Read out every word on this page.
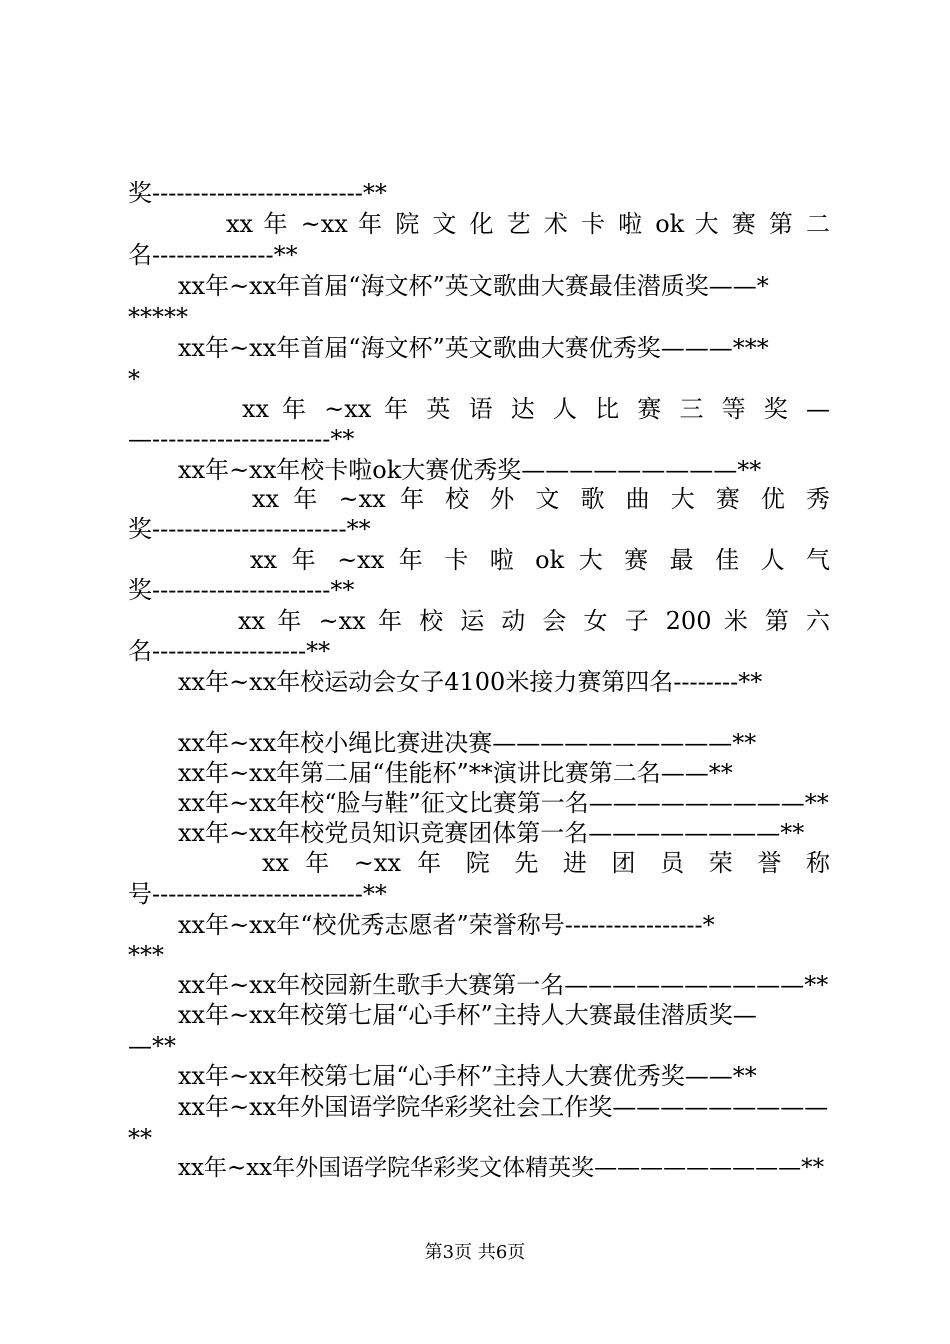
奖--------------------------**
xx 年 ~xx 年 院 文 化 艺 术 卡 啦 ok 大 赛 第 二
名---------------**
xx年~xx年首届“海文杯”英文歌曲大赛最佳潜质奖——*
*****
xx年~xx年首届“海文杯”英文歌曲大赛优秀奖———***
*
xx 年 ~xx 年 英 语 达 人 比 赛 三 等 奖 —
—----------------------**
xx年~xx年校卡啦ok大赛优秀奖—————————**
xx 年 ~xx 年 校 外 文 歌 曲 大 赛 优 秀
奖------------------------**
xx 年 ~xx 年 卡 啦 ok 大 赛 最 佳 人 气
奖----------------------**
xx 年 ~xx 年 校 运 动 会 女 子 200 米 第 六
名-------------------**
xx年~xx年校运动会女子4100米接力赛第四名--------**
xx年~xx年校小绳比赛进决赛——————————**
xx年~xx年第二届“佳能杯”**演讲比赛第二名——**
xx年~xx年校“脸与鞋”征文比赛第一名—————————**
xx年~xx年校党员知识竞赛团体第一名————————**
xx 年 ~xx 年 院 先 进 团 员 荣 誉 称
号--------------------------**
xx年~xx年“校优秀志愿者”荣誉称号-----------------*
***
xx年~xx年校园新生歌手大赛第一名——————————**
xx年~xx年校第七届“心手杯”主持人大赛最佳潜质奖—
—**
xx年~xx年校第七届“心手杯”主持人大赛优秀奖——**
xx年~xx年外国语学院华彩奖社会工作奖—————————
**
xx年~xx年外国语学院华彩奖文体精英奖—————————**
第3页 共6页
